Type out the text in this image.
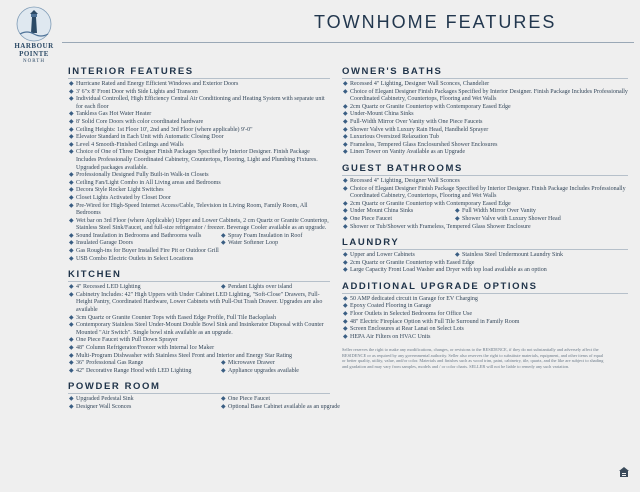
HARBOUR
POINTE
NORTH
TOWNHOME FEATURES
INTERIOR FEATURES
◆ Hurricane Rated and Energy Efficient Windows and Exterior Doors
◆ 3' 6"x 8' Front Door with Side Lights and Transom
◆ Individual Controlled, High Efficiency Central Air Conditioning and Heating System with separate unit for each floor
◆ Tankless Gas Hot Water Heater
◆ 8' Solid Core Doors with color coordinated hardware
◆ Ceiling Heights: 1st Floor 10', 2nd and 3rd Floor (where applicable) 9'-0"
◆ Elevator Standard in Each Unit with Automatic Closing Door
◆ Level 4 Smooth-Finished Ceilings and Walls
◆ Choice of One of Three Designer Finish Packages Specified by Interior Designer. Finish Package Includes Professionally Coordinated Cabinetry, Countertops, Flooring, Light and Plumbing Fixtures. Upgraded packages available.
◆ Professionally Designed Fully Built-in Walk-in Closets
◆ Ceiling Fan/Light Combo in All Living areas and Bedrooms
◆ Decora Style Rocker Light Switches
◆ Closet Lights Activated by Closet Door
◆ Pre-Wired for High-Speed Internet Access/Cable, Television in Living Room, Family Room, All Bedrooms
◆ Wet bar on 3rd Floor (where Applicable) Upper and Lower Cabinets, 2 cm Quartz or Granite Countertop, Stainless Steel Sink/Faucet, and full-size refrigerator / freezer. Beverage Cooler available as an upgrade.
◆ Sound Insulation in Bedrooms and Bathrooms walls	◆ Spray Foam Insulation in Roof
◆ Insulated Garage Doors	◆ Water Softener Loop
◆ Gas Rough-ins for Buyer Installed Fire Pit or Outdoor Grill
◆ USB Combo Electric Outlets in Select Locations
KITCHEN
◆ 4" Recessed LED Lighting	◆ Pendant Lights over island
◆ Cabinetry Includes: 42" High Uppers with Under Cabinet LED Lighting, "Soft-Close" Drawers, Full-Height Pantry, Coordinated Hardware, Lower Cabinets with Pull-Out Trash Drawer. Upgrades are also available
◆ 3cm Quartz or Granite Counter Tops with Eased Edge Profile, Full Tile Backsplash
◆ Contemporary Stainless Steel Under-Mount Double Bowl Sink and Insinkerator Disposal with Counter Mounted "Air Switch". Single bowl sink available as an upgrade.
◆ One Piece Faucet with Pull Down Sprayer
◆ 48" Column Refrigerator/Freezer with Internal Ice Maker
◆ Multi-Program Dishwasher with Stainless Steel Front and Interior and Energy Star Rating
◆ 36" Professional Gas Range	◆ Microwave Drawer
◆ 42" Decorative Range Hood with LED Lighting	◆ Appliance upgrades available
POWDER ROOM
◆ Upgraded Pedestal Sink	◆ One Piece Faucet
◆ Designer Wall Sconces	◆ Optional Base Cabinet available as an upgrade
OWNER'S BATHS
◆ Recessed 4" Lighting, Designer Wall Sconces, Chandelier
◆ Choice of Elegant Designer Finish Packages Specified by Interior Designer. Finish Package Includes Professionally Coordinated Cabinetry, Countertops, Flooring and Wet Walls
◆ 2cm Quartz or Granite Countertop with Contemporary Eased Edge
◆ Under-Mount China Sinks
◆ Full-Width Mirror Over Vanity with One Piece Faucets
◆ Shower Valve with Luxury Rain Head, Handheld Sprayer
◆ Luxurious Oversized Relaxation Tub
◆ Frameless, Tempered Glass Enclosurshed Shower Enclosures
◆ Linen Tower on Vanity Available as an Upgrade
GUEST BATHROOMS
◆ Recessed 4" Lighting, Designer Wall Sconces
◆ Choice of Elegant Designer Finish Package Specified by Interior Designer. Finish Package Includes Professionally Coordinated Cabinetry, Countertops, Flooring and Wet Walls
◆ 2cm Quartz or Granite Countertop with Contemporary Eased Edge
◆ Under Mount China Sinks	◆ Full Width Mirror Over Vanity
◆ One Piece Faucet	◆ Shower Valve with Luxury Shower Head
◆ Shower or Tub/Shower with Frameless, Tempered Glass Shower Enclosure
LAUNDRY
◆ Upper and Lower Cabinets	◆ Stainless Steel Undermount Laundry Sink
◆ 2cm Quartz or Granite Countertop with Eased Edge
◆ Large Capacity Front Load Washer and Dryer with top load available as an option
ADDITIONAL UPGRADE OPTIONS
◆ 50 AMP dedicated circuit in Garage for EV Charging
◆ Epoxy Coated Flooring in Garage
◆ Floor Outlets in Selected Bedrooms for Office Use
◆ 48" Electric Fireplace Option with Full Tile Surround in Family Room
◆ Screen Enclosures at Rear Lanai on Select Lots
◆ HEPA Air Filters on HVAC Units
Seller reserves the right to make any modifications, changes, or revisions to the RESIDENCE, if they do not substantially and adversely affect the RESIDENCE or as required by any governmental authority. Seller also reserves the right to substitute materials, equipment, and other items of equal or better quality, utility, value, and/or color. Materials and finishes such as wood trim, paint, cabinetry, tile, quartz, and the like are subject to shading and gradation and may vary from samples, models and / or color charts. SELLER will not be liable to remedy any such variation.
